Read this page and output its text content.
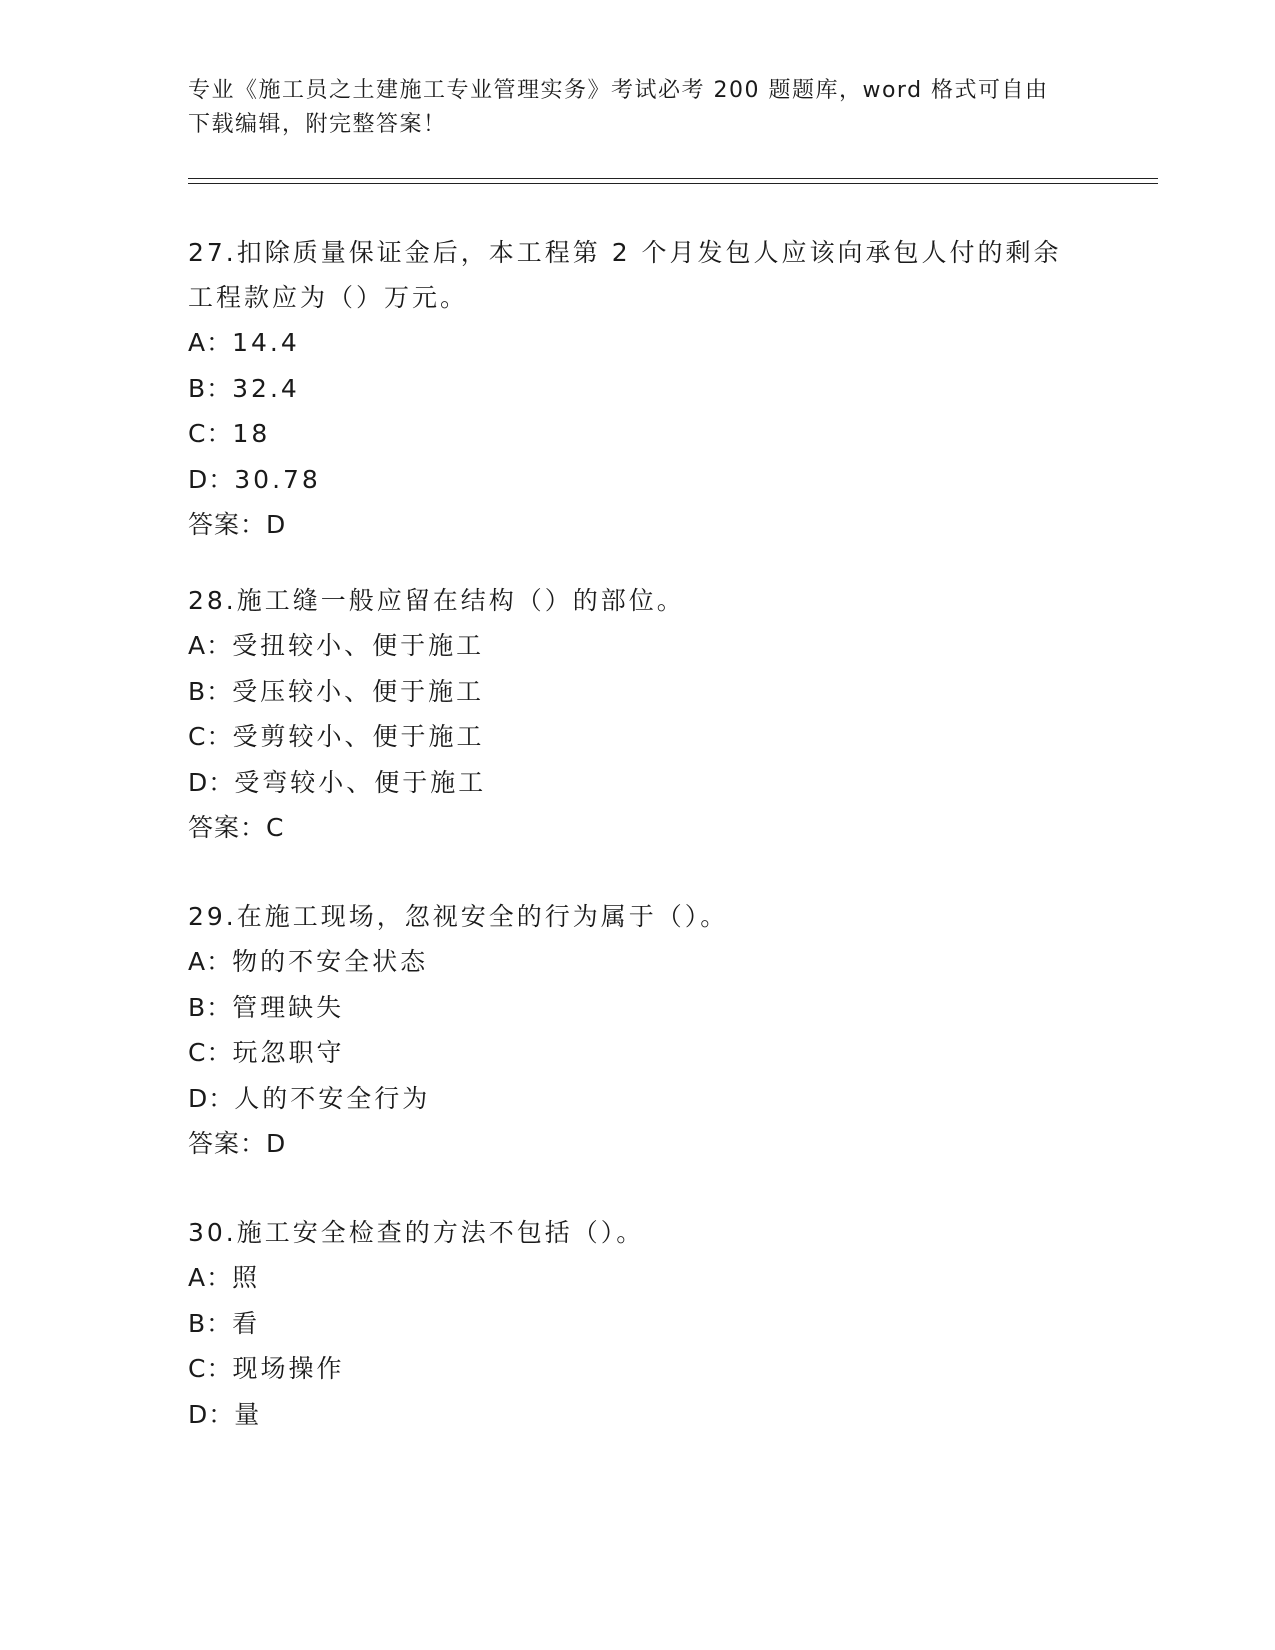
专业《施工员之土建施工专业管理实务》考试必考 200 题题库，word 格式可自由
下载编辑，附完整答案！
27.扣除质量保证金后，本工程第 2 个月发包人应该向承包人付的剩余
工程款应为（）万元。
A：14.4
B：32.4
C：18
D：30.78
答案：D
28.施工缝一般应留在结构（）的部位。
A：受扭较小、便于施工
B：受压较小、便于施工
C：受剪较小、便于施工
D：受弯较小、便于施工
答案：C
29.在施工现场，忽视安全的行为属于（）。
A：物的不安全状态
B：管理缺失
C：玩忽职守
D：人的不安全行为
答案：D
30.施工安全检查的方法不包括（）。
A：照
B：看
C：现场操作
D：量
